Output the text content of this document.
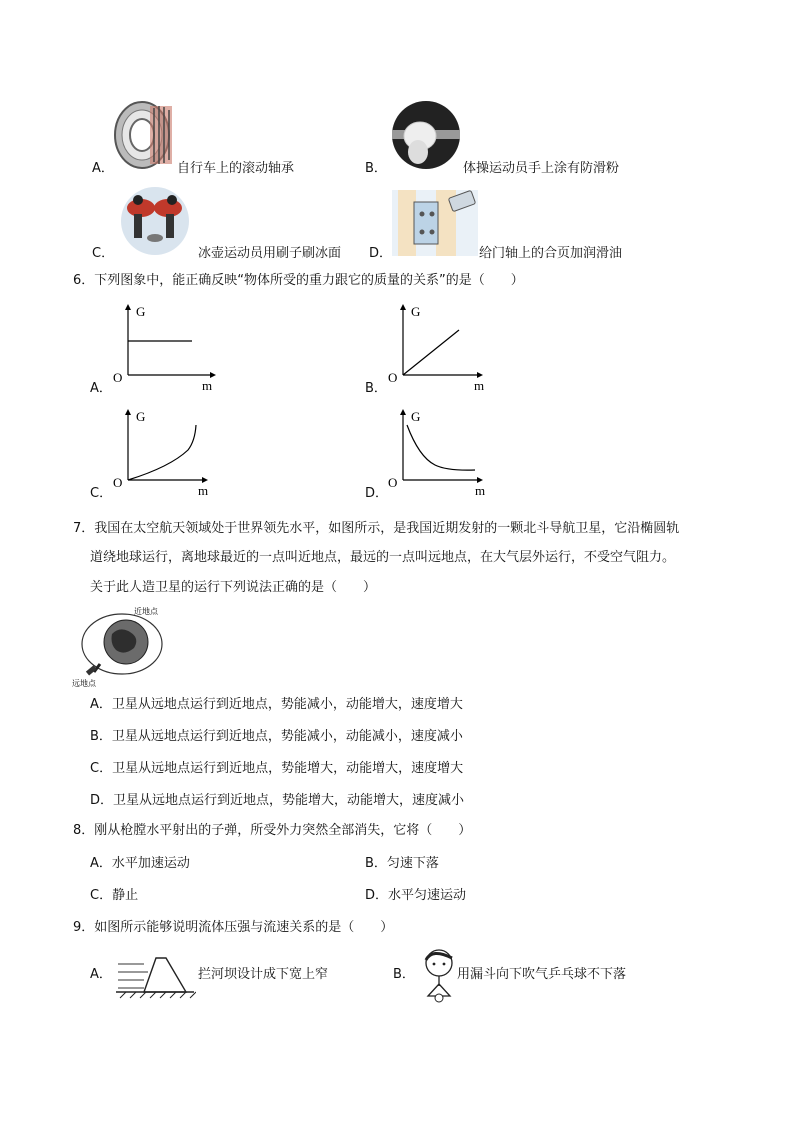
A．	自行车上的滚动轴承	B．	体操运动员手上涂有防滑粉
C．	冰壶运动员用刷子刷冰面 D．	给门轴上的合页加润滑油
6．下列图象中，能正确反映“物体所受的重力跟它的质量的关系”的是（　　）
A．
G
O
m	B．
G
O
m
C．
G
O
m	D．
G
O
m
7．我国在太空航天领域处于世界领先水平，如图所示，是我国近期发射的一颗北斗导航卫星，它沿椭圆轨
道绕地球运行，离地球最近的一点叫近地点，最远的一点叫远地点，在大气层外运行，不受空气阻力。
关于此人造卫星的运行下列说法正确的是（　　）
近地点
远地点
A．卫星从远地点运行到近地点，势能减小，动能增大，速度增大
B．卫星从远地点运行到近地点，势能减小，动能减小，速度减小
C．卫星从远地点运行到近地点，势能增大，动能增大，速度增大
D．卫星从远地点运行到近地点，势能增大，动能增大，速度减小
8．刚从枪膛水平射出的子弹，所受外力突然全部消失，它将（　　）
A．水平加速运动	B．匀速下落
C．静止	D．水平匀速运动
9．如图所示能够说明流体压强与流速关系的是（　　）
A．	拦河坝设计成下宽上窄	B．	用漏斗向下吹气乒乓球不下落
